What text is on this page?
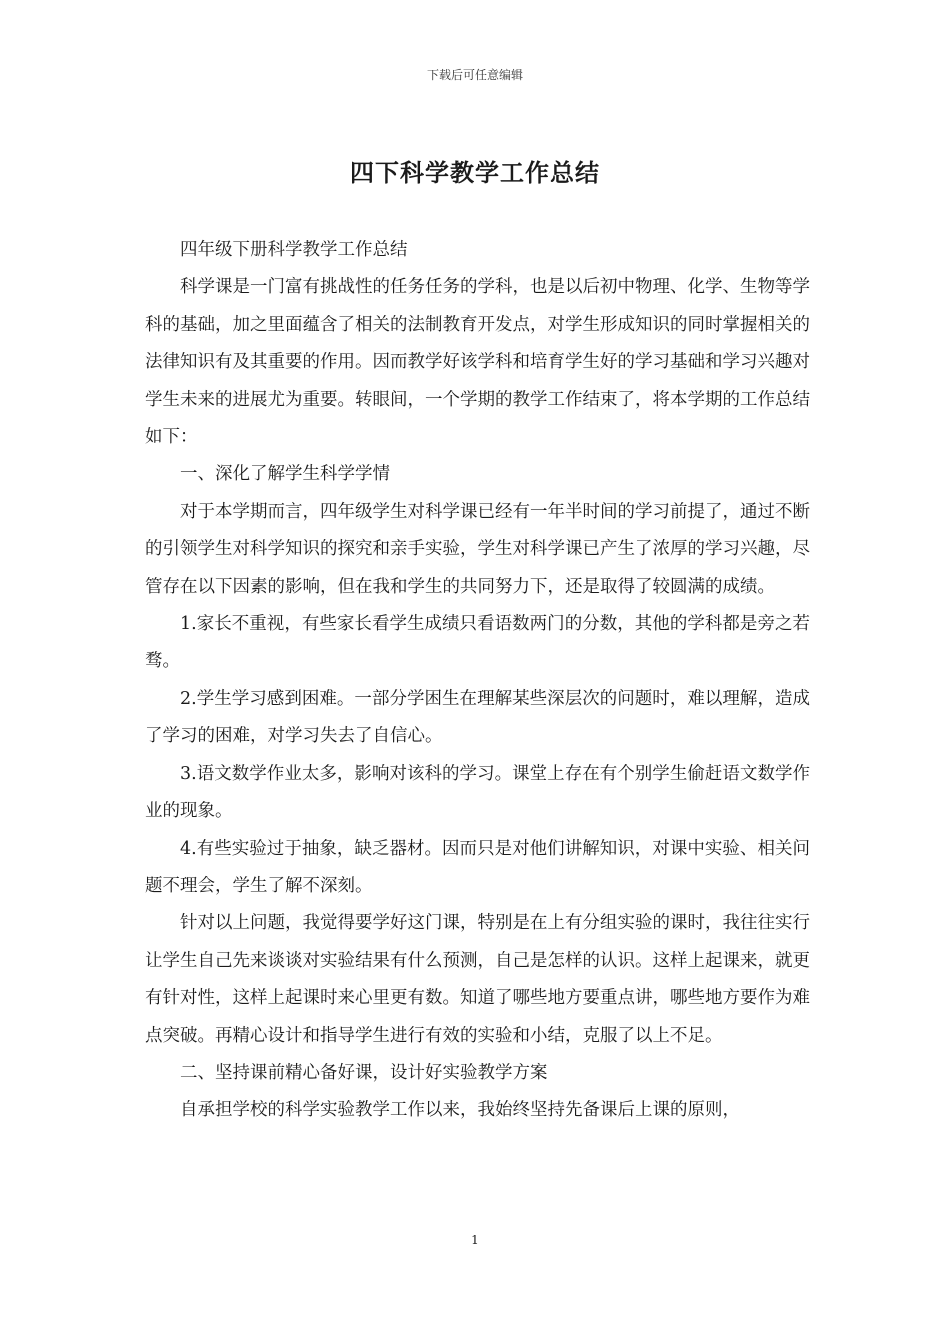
下载后可任意编辑
四下科学教学工作总结

四年级下册科学教学工作总结

科学课是一门富有挑战性的任务任务的学科，也是以后初中物理、化学、生物等学科的基础，加之里面蕴含了相关的法制教育开发点，对学生形成知识的同时掌握相关的法律知识有及其重要的作用。因而教学好该学科和培育学生好的学习基础和学习兴趣对学生未来的进展尤为重要。转眼间，一个学期的教学工作结束了，将本学期的工作总结如下：

一、深化了解学生科学学情

对于本学期而言，四年级学生对科学课已经有一年半时间的学习前提了，通过不断的引领学生对科学知识的探究和亲手实验，学生对科学课已产生了浓厚的学习兴趣，尽管存在以下因素的影响，但在我和学生的共同努力下，还是取得了较圆满的成绩。

1.家长不重视，有些家长看学生成绩只看语数两门的分数，其他的学科都是旁之若骛。

2.学生学习感到困难。一部分学困生在理解某些深层次的问题时，难以理解，造成了学习的困难，对学习失去了自信心。

3.语文数学作业太多，影响对该科的学习。课堂上存在有个别学生偷赶语文数学作业的现象。

4.有些实验过于抽象，缺乏器材。因而只是对他们讲解知识，对课中实验、相关问题不理会，学生了解不深刻。

针对以上问题，我觉得要学好这门课，特别是在上有分组实验的课时，我往往实行让学生自己先来谈谈对实验结果有什么预测，自己是怎样的认识。这样上起课来，就更有针对性，这样上起课时来心里更有数。知道了哪些地方要重点讲，哪些地方要作为难点突破。再精心设计和指导学生进行有效的实验和小结，克服了以上不足。

二、坚持课前精心备好课，设计好实验教学方案

自承担学校的科学实验教学工作以来，我始终坚持先备课后上课的原则，

1
